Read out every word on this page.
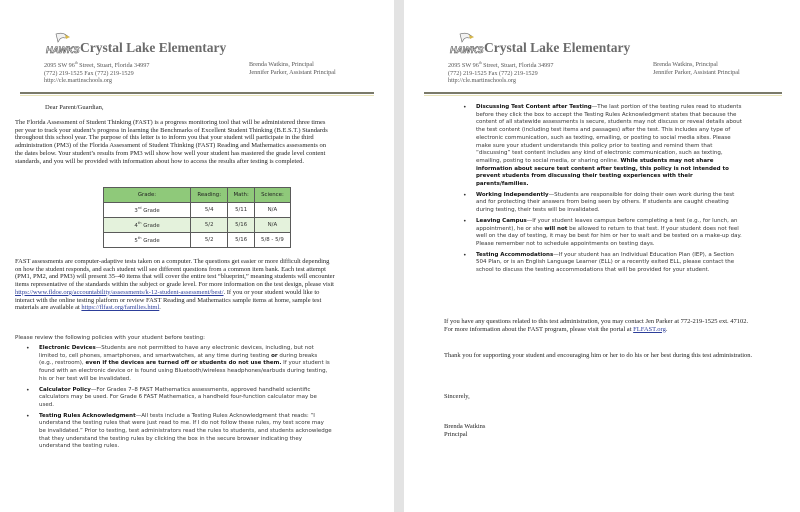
HAWKS Crystal Lake Elementary
2095 SW 96th Street, Stuart, Florida 34997
(772) 219-1525 Fax (772) 219-1529
http://cle.martinschools.org
Brenda Watkins, Principal
Jennifer Parker, Assistant Principal
Dear Parent/Guardian,
The Florida Assessment of Student Thinking (FAST) is a progress monitoring tool that will be administered three times per year to track your student’s progress in learning the Benchmarks of Excellent Student Thinking (B.E.S.T.) Standards throughout this school year. The purpose of this letter is to inform you that your student will participate in the third administration (PM3) of the Florida Assessment of Student Thinking (FAST) Reading and Mathematics assessments on the dates below. Your student’s results from PM3 will show how well your student has mastered the grade level content standards, and you will be provided with information about how to access the results after testing is completed.
Grade:	Reading:	Math:	Science:
3rd Grade	5/4	5/11	N/A
4th Grade	5/2	5/16	N/A
5th Grade	5/2	5/16	5/8 - 5/9
FAST assessments are computer-adaptive tests taken on a computer. The questions get easier or more difficult depending on how the student responds, and each student will see different questions from a common item bank. Each test attempt (PM1, PM2, and PM3) will present 35–40 items that will cover the entire test “blueprint,” meaning students will encounter items representative of the standards within the subject or grade level. For more information on the test design, please visit https://www.fldoe.org/accountability/assessments/k-12-student-assessment/best/. If you or your student would like to interact with the online testing platform or review FAST Reading and Mathematics sample items at home, sample test materials are available at https://flfast.org/families.html.
Please review the following policies with your student before testing:
• Electronic Devices—Students are not permitted to have any electronic devices, including, but not limited to, cell phones, smartphones, and smartwatches, at any time during testing or during breaks (e.g., restroom), even if the devices are turned off or students do not use them. If your student is found with an electronic device or is found using Bluetooth/wireless headphones/earbuds during testing, his or her test will be invalidated.
• Calculator Policy—For Grades 7–8 FAST Mathematics assessments, approved handheld scientific calculators may be used. For Grade 6 FAST Mathematics, a handheld four-function calculator may be used.
• Testing Rules Acknowledgment—All tests include a Testing Rules Acknowledgment that reads: “I understand the testing rules that were just read to me. If I do not follow these rules, my test score may be invalidated.” Prior to testing, test administrators read the rules to students, and students acknowledge that they understand the testing rules by clicking the box in the secure browser indicating they understand the testing rules.
HAWKS Crystal Lake Elementary
2095 SW 96th Street, Stuart, Florida 34997
(772) 219-1525 Fax (772) 219-1529
http://cle.martinschools.org
Brenda Watkins, Principal
Jennifer Parker, Assistant Principal
• Discussing Test Content after Testing—The last portion of the testing rules read to students before they click the box to accept the Testing Rules Acknowledgment states that because the content of all statewide assessments is secure, students may not discuss or reveal details about the test content (including test items and passages) after the test. This includes any type of electronic communication, such as texting, emailing, or posting to social media sites. Please make sure your student understands this policy prior to testing and remind them that “discussing” test content includes any kind of electronic communication, such as texting, emailing, posting to social media, or sharing online. While students may not share information about secure test content after testing, this policy is not intended to prevent students from discussing their testing experiences with their parents/families.
• Working Independently—Students are responsible for doing their own work during the test and for protecting their answers from being seen by others. If students are caught cheating during testing, their tests will be invalidated.
• Leaving Campus—If your student leaves campus before completing a test (e.g., for lunch, an appointment), he or she will not be allowed to return to that test. If your student does not feel well on the day of testing, it may be best for him or her to wait and be tested on a make-up day. Please remember not to schedule appointments on testing days.
• Testing Accommodations—If your student has an Individual Education Plan (IEP), a Section 504 Plan, or is an English Language Learner (ELL) or a recently exited ELL, please contact the school to discuss the testing accommodations that will be provided for your student.
If you have any questions related to this test administration, you may contact Jen Parker at 772-219-1525 ext. 47102.
For more information about the FAST program, please visit the portal at FLFAST.org.
Thank you for supporting your student and encouraging him or her to do his or her best during this test administration.
Sincerely,
Brenda Watkins
Principal
